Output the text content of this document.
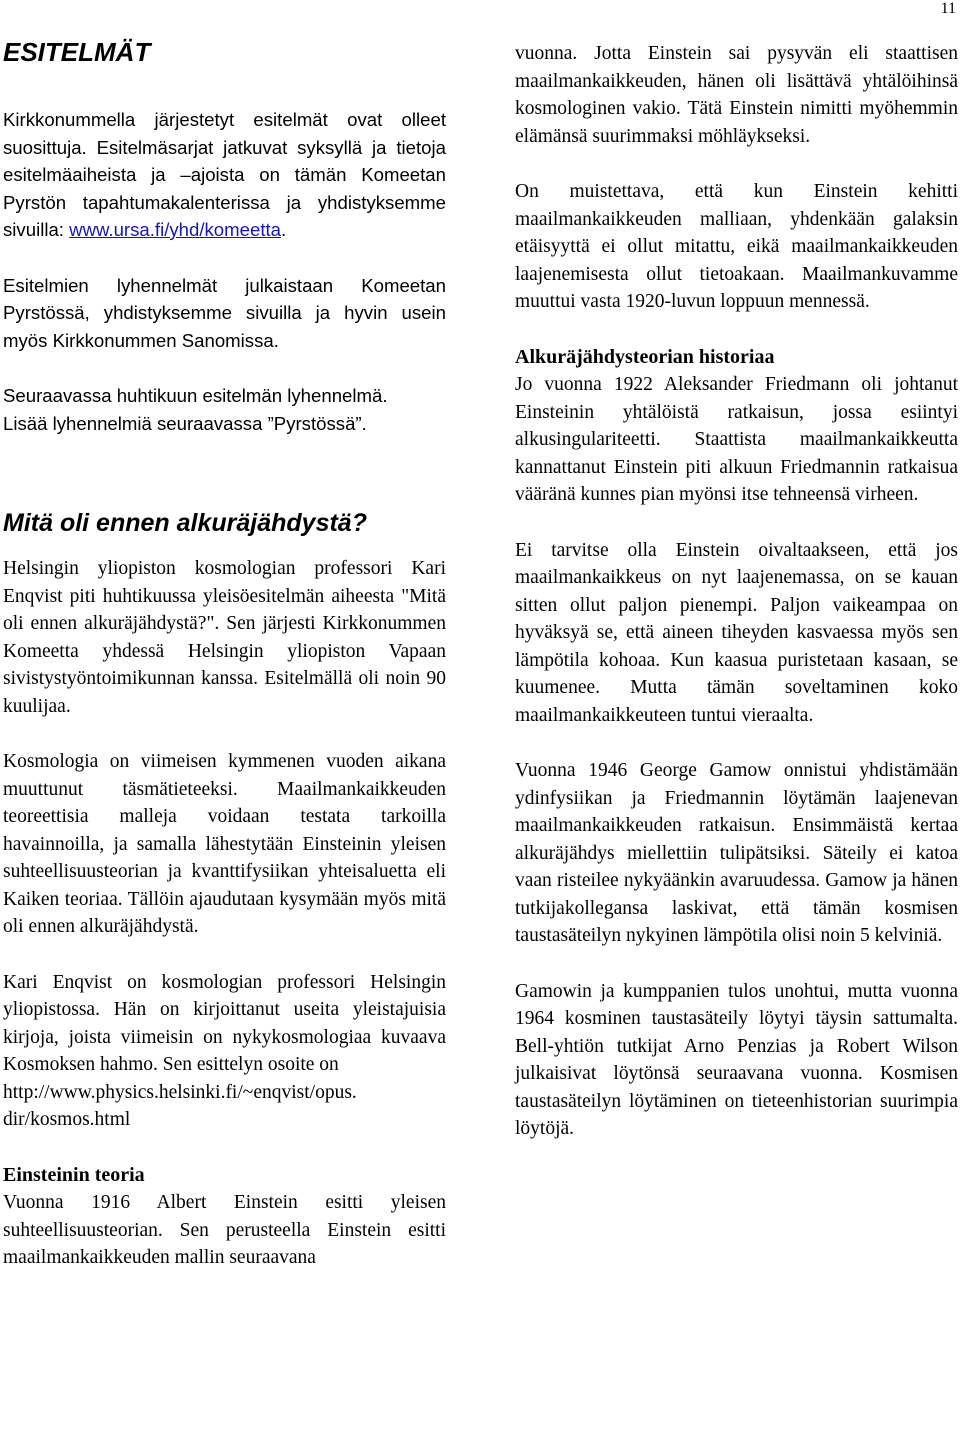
11
ESITELMÄT

Kirkkonummella järjestetyt esitelmät ovat olleet suosittuja. Esitelmäsarjat jatkuvat syksyllä ja tietoja esitelmäaiheista ja –ajoista on tämän Komeetan Pyrstön tapahtumakalenterissa ja yhdistyksemme sivuilla: www.ursa.fi/yhd/komeetta.

Esitelmien lyhennelmät julkaistaan Komeetan Pyrstössä, yhdistyksemme sivuilla ja hyvin usein myös Kirkkonummen Sanomissa.

Seuraavassa huhtikuun esitelmän lyhennelmä.

Lisää lyhennelmiä seuraavassa ”Pyrstössä”.

Mitä oli ennen alkuräjähdystä?

Helsingin yliopiston kosmologian professori Kari Enqvist piti huhtikuussa yleisöesitelmän aiheesta "Mitä oli ennen alkuräjähdystä?". Sen järjesti Kirkkonummen Komeetta yhdessä Helsingin yliopiston Vapaan sivistystyöntoimikunnan kanssa. Esitelmällä oli noin 90 kuulijaa.

Kosmologia on viimeisen kymmenen vuoden aikana muuttunut täsmätieteeksi. Maailmankaikkeuden teoreettisia malleja voidaan testata tarkoilla havainnoilla, ja samalla lähestytään Einsteinin yleisen suhteellisuusteorian ja kvanttifysiikan yhteisaluetta eli Kaiken teoriaa. Tällöin ajaudutaan kysymään myös mitä oli ennen alkuräjähdystä.

Kari Enqvist on kosmologian professori Helsingin yliopistossa. Hän on kirjoittanut useita yleistajuisia kirjoja, joista viimeisin on nykykosmologiaa kuvaava Kosmoksen hahmo. Sen esittelyn osoite on

http://www.physics.helsinki.fi/~enqvist/opus.

dir/kosmos.html

Einsteinin teoria

Vuonna 1916 Albert Einstein esitti yleisen suhteellisuusteorian. Sen perusteella Einstein esitti maailmankaikkeuden mallin seuraavana

vuonna. Jotta Einstein sai pysyvän eli staattisen maailmankaikkeuden, hänen oli lisättävä yhtälöihinsä kosmologinen vakio. Tätä Einstein nimitti myöhemmin elämänsä suurimmaksi möhläykseksi.

On muistettava, että kun Einstein kehitti maailmankaikkeuden malliaan, yhdenkään galaksin etäisyyttä ei ollut mitattu, eikä maailmankaikkeuden laajenemisesta ollut tietoakaan. Maailmankuvamme muuttui vasta 1920-luvun loppuun mennessä.

Alkuräjähdysteorian historiaa

Jo vuonna 1922 Aleksander Friedmann oli johtanut Einsteinin yhtälöistä ratkaisun, jossa esiintyi alkusingulariteetti. Staattista maailmankaikkeutta kannattanut Einstein piti alkuun Friedmannin ratkaisua vääränä kunnes pian myönsi itse tehneensä virheen.

Ei tarvitse olla Einstein oivaltaakseen, että jos maailmankaikkeus on nyt laajenemassa, on se kauan sitten ollut paljon pienempi. Paljon vaikeampaa on hyväksyä se, että aineen tiheyden kasvaessa myös sen lämpötila kohoaa. Kun kaasua puristetaan kasaan, se kuumenee. Mutta tämän soveltaminen koko maailmankaikkeuteen tuntui vieraalta.

Vuonna 1946 George Gamow onnistui yhdistämään ydinfysiikan ja Friedmannin löytämän laajenevan maailmankaikkeuden ratkaisun. Ensimmäistä kertaa alkuräjähdys miellettiin tulipätsiksi. Säteily ei katoa vaan risteilee nykyäänkin avaruudessa. Gamow ja hänen tutkijakollegansa laskivat, että tämän kosmisen taustasäteilyn nykyinen lämpötila olisi noin 5 kelviniä.

Gamowin ja kumppanien tulos unohtui, mutta vuonna 1964 kosminen taustasäteily löytyi täysin sattumalta. Bell-yhtiön tutkijat Arno Penzias ja Robert Wilson julkaisivat löytönsä seuraavana vuonna. Kosmisen taustasäteilyn löytäminen on tieteenhistorian suurimpia löytöjä.
